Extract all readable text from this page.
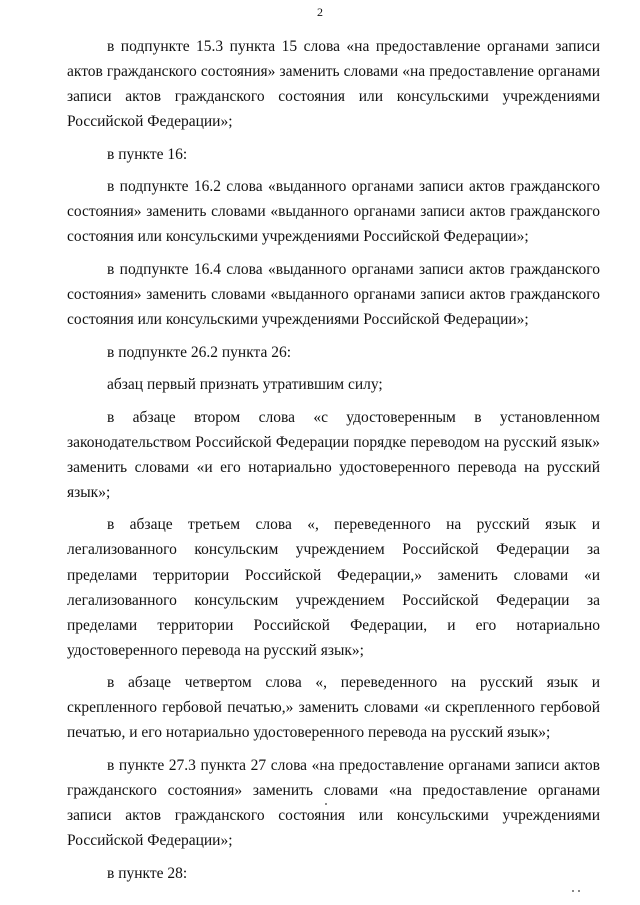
2

в подпункте 15.3 пункта 15 слова «на предоставление органами записи актов гражданского состояния» заменить словами «на предоставление органами записи актов гражданского состояния или консульскими учреждениями Российской Федерации»;

в пункте 16:

в подпункте 16.2 слова «выданного органами записи актов гражданского состояния» заменить словами «выданного органами записи актов гражданского состояния или консульскими учреждениями Российской Федерации»;

в подпункте 16.4 слова «выданного органами записи актов гражданского состояния» заменить словами «выданного органами записи актов гражданского состояния или консульскими учреждениями Российской Федерации»;

в подпункте 26.2 пункта 26:

абзац первый признать утратившим силу;

в абзаце втором слова «с удостоверенным в установленном законодательством Российской Федерации порядке переводом на русский язык» заменить словами «и его нотариально удостоверенного перевода на русский язык»;

в абзаце третьем слова «, переведенного на русский язык и легализованного консульским учреждением Российской Федерации за пределами территории Российской Федерации,» заменить словами «и легализованного консульским учреждением Российской Федерации за пределами территории Российской Федерации, и его нотариально удостоверенного перевода на русский язык»;

в абзаце четвертом слова «, переведенного на русский язык и скрепленного гербовой печатью,» заменить словами «и скрепленного гербовой печатью, и его нотариально удостоверенного перевода на русский язык»;

в пункте 27.3 пункта 27 слова «на предоставление органами записи актов гражданского состояния» заменить словами «на предоставление органами записи актов гражданского состояния или консульскими учреждениями Российской Федерации»;

в пункте 28:
